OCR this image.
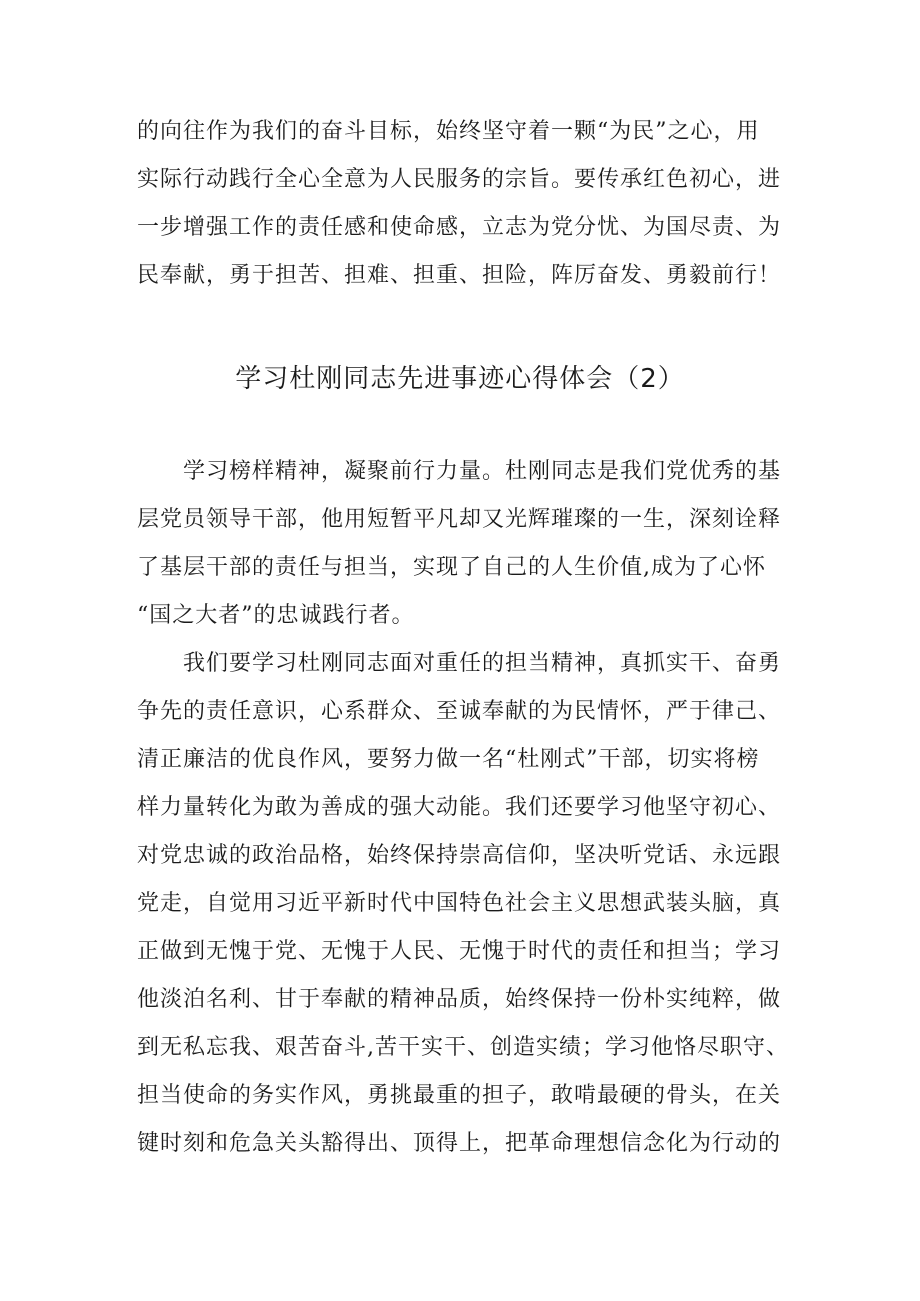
的向往作为我们的奋斗目标，始终坚守着一颗“为民”之心，用
实际行动践行全心全意为人民服务的宗旨。要传承红色初心，进
一步增强工作的责任感和使命感，立志为党分忧、为国尽责、为
民奉献，勇于担苦、担难、担重、担险，阵厉奋发、勇毅前行！
学习杜刚同志先进事迹心得体会（2）
学习榜样精神，凝聚前行力量。杜刚同志是我们党优秀的基
层党员领导干部，他用短暂平凡却又光辉璀璨的一生，深刻诠释
了基层干部的责任与担当，实现了自己的人生价值,成为了心怀
“国之大者”的忠诚践行者。
我们要学习杜刚同志面对重任的担当精神，真抓实干、奋勇
争先的责任意识，心系群众、至诚奉献的为民情怀，严于律己、
清正廉洁的优良作风，要努力做一名“杜刚式”干部，切实将榜
样力量转化为敢为善成的强大动能。我们还要学习他坚守初心、
对党忠诚的政治品格，始终保持崇高信仰，坚决听党话、永远跟
党走，自觉用习近平新时代中国特色社会主义思想武装头脑，真
正做到无愧于党、无愧于人民、无愧于时代的责任和担当；学习
他淡泊名利、甘于奉献的精神品质，始终保持一份朴实纯粹，做
到无私忘我、艰苦奋斗,苦干实干、创造实绩；学习他恪尽职守、
担当使命的务实作风，勇挑最重的担子，敢啃最硬的骨头，在关
键时刻和危急关头豁得出、顶得上，把革命理想信念化为行动的
